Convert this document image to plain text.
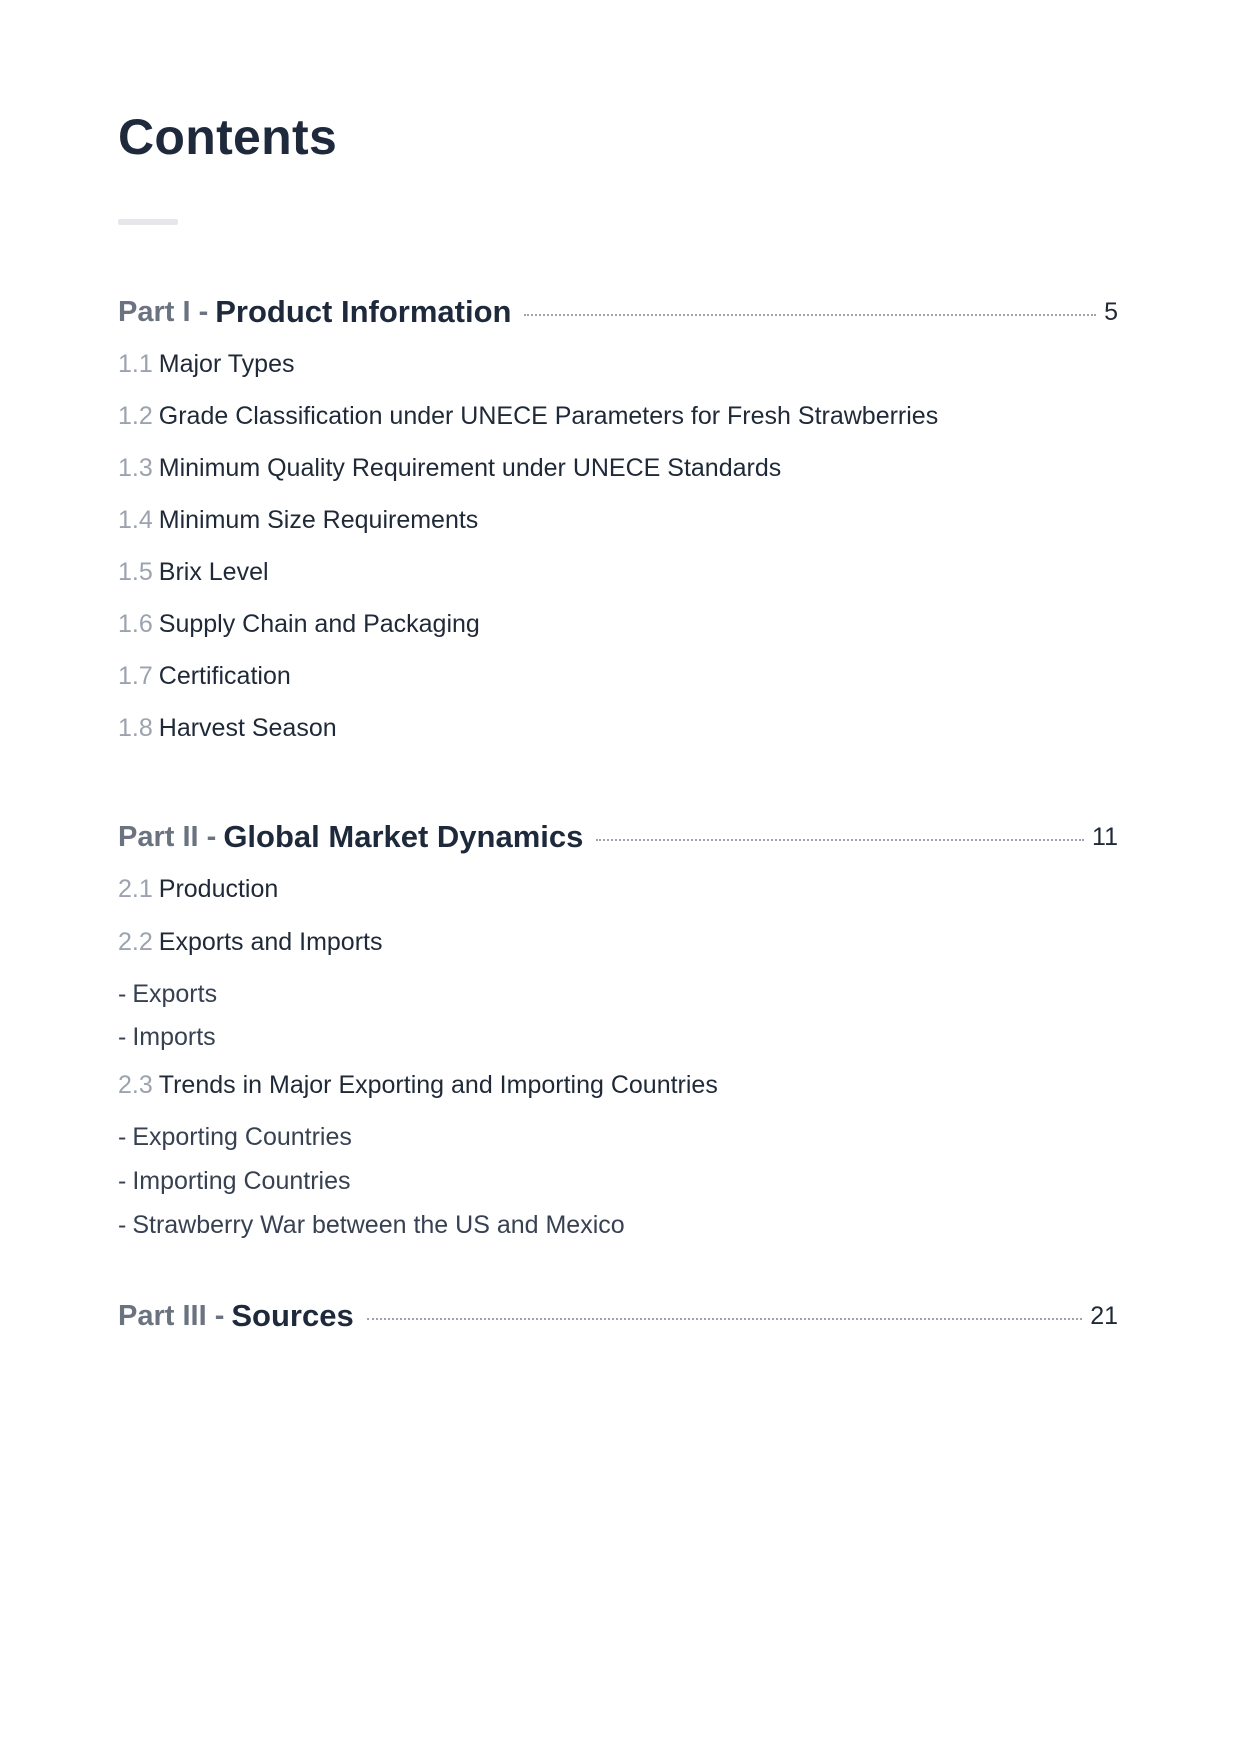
Contents
Part I - Product Information	5
1.1 Major Types
1.2 Grade Classification under UNECE Parameters for Fresh Strawberries
1.3 Minimum Quality Requirement under UNECE Standards
1.4 Minimum Size Requirements
1.5 Brix Level
1.6 Supply Chain and Packaging
1.7 Certification
1.8 Harvest Season
Part II - Global Market Dynamics	11
2.1 Production
2.2 Exports and Imports
- Exports
- Imports
2.3 Trends in Major Exporting and Importing Countries
- Exporting Countries
- Importing Countries
- Strawberry War between the US and Mexico
Part III - Sources	21
